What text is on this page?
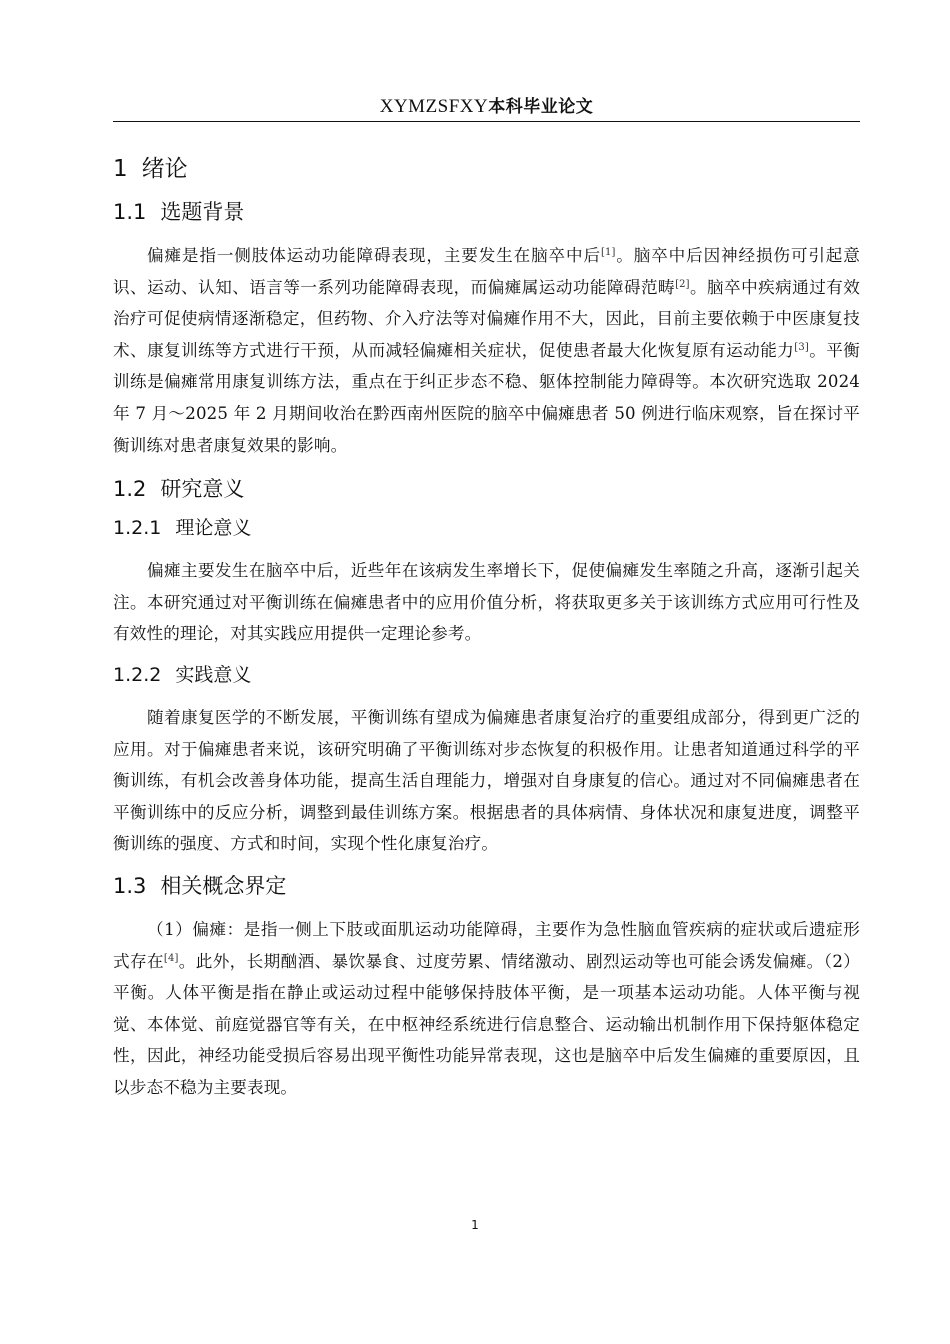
XYMZSFXY本科毕业论文
1 绪论
1.1 选题背景

偏瘫是指一侧肢体运动功能障碍表现，主要发生在脑卒中后[1]。脑卒中后因神经损伤可引起意识、运动、认知、语言等一系列功能障碍表现，而偏瘫属运动功能障碍范畴[2]。脑卒中疾病通过有效治疗可促使病情逐渐稳定，但药物、介入疗法等对偏瘫作用不大，因此，目前主要依赖于中医康复技术、康复训练等方式进行干预，从而减轻偏瘫相关症状，促使患者最大化恢复原有运动能力[3]。平衡训练是偏瘫常用康复训练方法，重点在于纠正步态不稳、躯体控制能力障碍等。本次研究选取 2024 年 7 月～2025 年 2 月期间收治在黔西南州医院的脑卒中偏瘫患者 50 例进行临床观察，旨在探讨平衡训练对患者康复效果的影响。

1.2 研究意义
1.2.1 理论意义

偏瘫主要发生在脑卒中后，近些年在该病发生率增长下，促使偏瘫发生率随之升高，逐渐引起关注。本研究通过对平衡训练在偏瘫患者中的应用价值分析，将获取更多关于该训练方式应用可行性及有效性的理论，对其实践应用提供一定理论参考。

1.2.2 实践意义

随着康复医学的不断发展，平衡训练有望成为偏瘫患者康复治疗的重要组成部分，得到更广泛的应用。对于偏瘫患者来说，该研究明确了平衡训练对步态恢复的积极作用。让患者知道通过科学的平衡训练，有机会改善身体功能，提高生活自理能力，增强对自身康复的信心。通过对不同偏瘫患者在平衡训练中的反应分析，调整到最佳训练方案。根据患者的具体病情、身体状况和康复进度，调整平衡训练的强度、方式和时间，实现个性化康复治疗。

1.3 相关概念界定

（1）偏瘫：是指一侧上下肢或面肌运动功能障碍，主要作为急性脑血管疾病的症状或后遗症形式存在[4]。此外，长期酗酒、暴饮暴食、过度劳累、情绪激动、剧烈运动等也可能会诱发偏瘫。（2）平衡。人体平衡是指在静止或运动过程中能够保持肢体平衡，是一项基本运动功能。人体平衡与视觉、本体觉、前庭觉器官等有关，在中枢神经系统进行信息整合、运动输出机制作用下保持躯体稳定性，因此，神经功能受损后容易出现平衡性功能异常表现，这也是脑卒中后发生偏瘫的重要原因，且以步态不稳为主要表现。

1
